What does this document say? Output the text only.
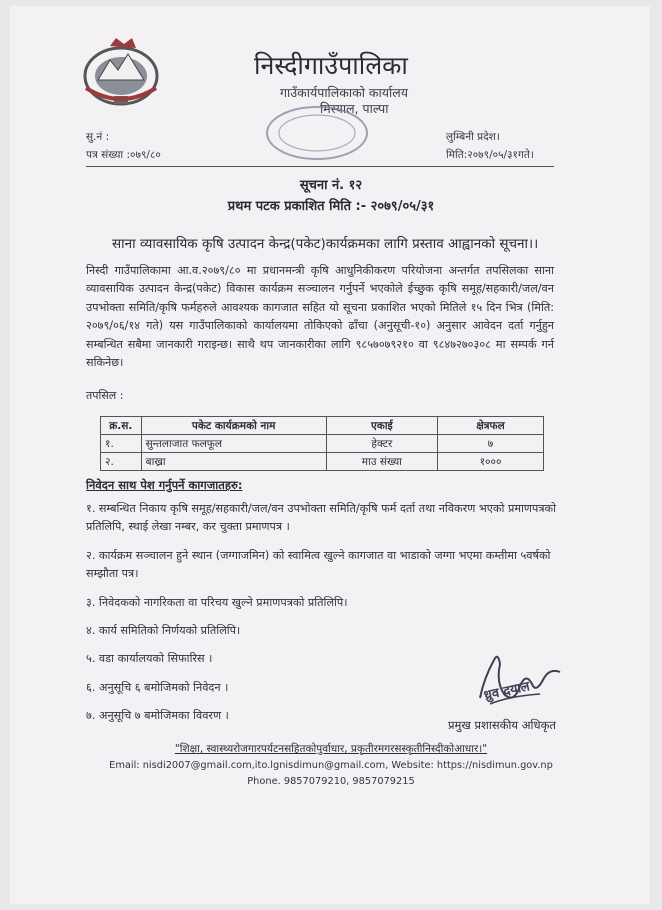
निस्दीगाउँपालिका
गाउँकार्यपालिकाको कार्यालय
मिस्याल, पाल्पा
सु.नं :
पत्र संख्या :०७९/८०
लुम्बिनी प्रदेश।
मिति:२०७९/०५/३१गते।
सूचना नं. १२
प्रथम पटक प्रकाशित मिति :- २०७९/०५/३१
साना व्यावसायिक कृषि उत्पादन केन्द्र(पकेट)कार्यक्रमका लागि प्रस्ताव आह्वानको सूचना।।
निस्दी गाउँपालिकामा आ.व.२०७९/८० मा प्रधानमन्त्री कृषि आधुनिकीकरण परियोजना अन्तर्गत तपसिलका साना व्यावसायिक उत्पादन केन्द्र(पकेट) विकास कार्यक्रम सञ्चालन गर्नुपर्ने भएकोले ईच्छुक कृषि समूह/सहकारी/जल/वन उपभोक्ता समिति/कृषि फर्महरुले आवश्यक कागजात सहित यो सूचना प्रकाशित भएको मितिले १५ दिन भित्र (मिति: २०७९/०६/१४ गते) यस गाउँपालिकाको कार्यालयमा तोकिएको ढाँचा (अनुसूची-१०) अनुसार आवेदन दर्ता गर्नुहुन सम्बन्धित सबैमा जानकारी गराइन्छ। साथै थप जानकारीका लागि ९८५७०७९२१० वा ९८४७२७०३०८ मा सम्पर्क गर्न सकिनेछ।
तपसिल :
क्र.स.	पकेट कार्यक्रमको नाम	एकाई	क्षेत्रफल
१.	सुन्तलाजात फलफूल	हेक्टर	७
२.	बाख्रा	माउ संख्या	१०००
निवेदन साथ पेश गर्नुपर्ने कागजातहरु:
१. सम्बन्धित निकाय कृषि समूह/सहकारी/जल/वन उपभोक्ता समिति/कृषि फर्म दर्ता तथा नविकरण भएको प्रमाणपत्रको प्रतिलिपि, स्थाई लेखा नम्बर, कर चुक्ता प्रमाणपत्र ।
२. कार्यक्रम सञ्चालन हुने स्थान (जग्गाजमिन) को स्वामित्व खुल्ने कागजात वा भाडाको जग्गा भएमा कम्तीमा ५वर्षको सम्झौता पत्र।
३. निवेदकको नागरिकता वा परिचय खुल्ने प्रमाणपत्रको प्रतिलिपि।
४. कार्य समितिको निर्णयको प्रतिलिपि।
५. वडा कार्यालयको सिफारिस ।
६. अनुसूचि ६ बमोजिमको निवेदन ।
७. अनुसूचि ७ बमोजिमका विवरण ।
ध्रुव दयाल
प्रमुख प्रशासकीय अधिकृत
"शिक्षा, स्वास्थ्यरोजगारपर्यटनसहितकोपुर्वाधार, प्रकृतीरमगरसस्कृतीनिस्दीकोआधार।"
Email: nisdi2007@gmail.com,ito.lgnisdimun@gmail.com, Website: https://nisdimun.gov.np
Phone. 9857079210, 9857079215
